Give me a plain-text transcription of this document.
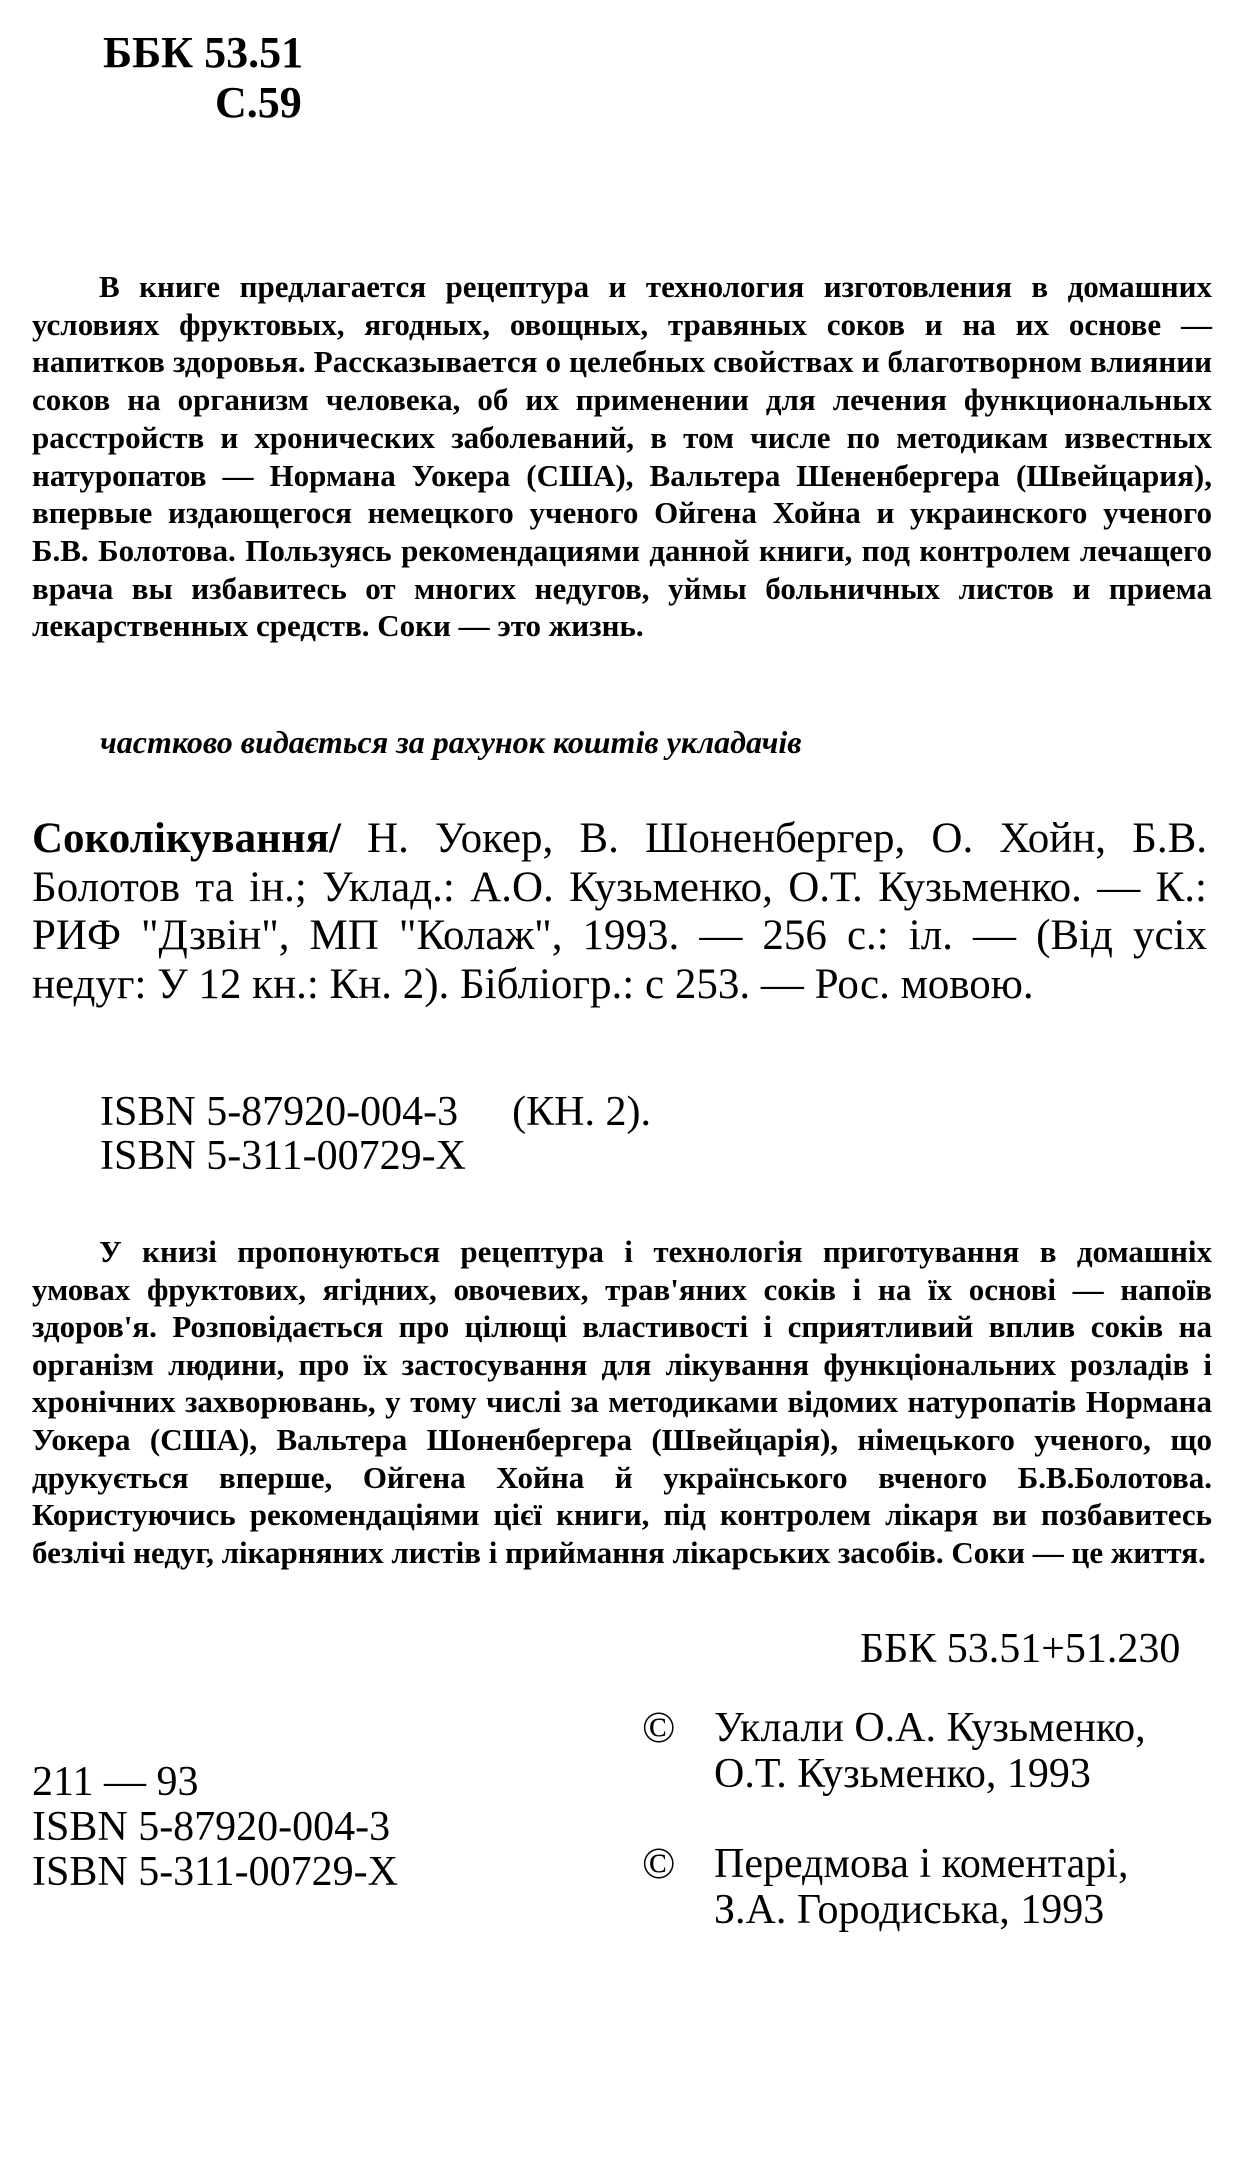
ББК 53.51
С.59

В книге предлагается рецептура и технология изготовления в домашних условиях фруктовых, ягодных, овощных, травяных соков и на их основе — напитков здоровья. Рассказывается о целебных свойствах и благотворном влиянии соков на организм человека, об их применении для лечения функциональных расстройств и хронических заболеваний, в том числе по методикам известных натуропатов — Нормана Уокера (США), Вальтера Шененбергера (Швейцария), впервые издающегося немецкого ученого Ойгена Хойна и украинского ученого Б.В. Болотова. Пользуясь рекомендациями данной книги, под контролем лечащего врача вы избавитесь от многих недугов, уймы больничных листов и приема лекарственных средств. Соки — это жизнь.

частково видається за рахунок коштів укладачів

Соколікування/ Н. Уокер, В. Шоненбергер, О. Хойн, Б.В. Болотов та ін.; Уклад.: А.О. Кузьменко, О.Т. Кузьменко. — К.: РИФ "Дзвін", МП "Колаж", 1993. — 256 с.: іл. — (Від усіх недуг: У 12 кн.: Кн. 2). Бібліогр.: с 253. — Рос. мовою.

ISBN 5-87920-004-3 (КН. 2).
ISBN 5-311-00729-X

У книзі пропонуються рецептура і технологія приготування в домашніх умовах фруктових, ягідних, овочевих, трав'яних соків і на їх основі — напоїв здоров'я. Розповідається про цілющі властивості і сприятливий вплив соків на організм людини, про їх застосування для лікування функціональних розладів і хронічних захворювань, у тому числі за методиками відомих натуропатів Нормана Уокера (США), Вальтера Шоненбергера (Швейцарія), німецького ученого, що друкується вперше, Ойгена Хойна й українського вченого Б.В.Болотова. Користуючись рекомендаціями цієї книги, під контролем лікаря ви позбавитесь безлічі недуг, лікарняних листів і приймання лікарських засобів. Соки — це життя.

ББК 53.51+51.230
211 — 93
ISBN 5-87920-004-3
ISBN 5-311-00729-X
© Уклали О.А. Кузьменко,
О.Т. Кузьменко, 1993
© Передмова і коментарі,
З.А. Городиська, 1993
